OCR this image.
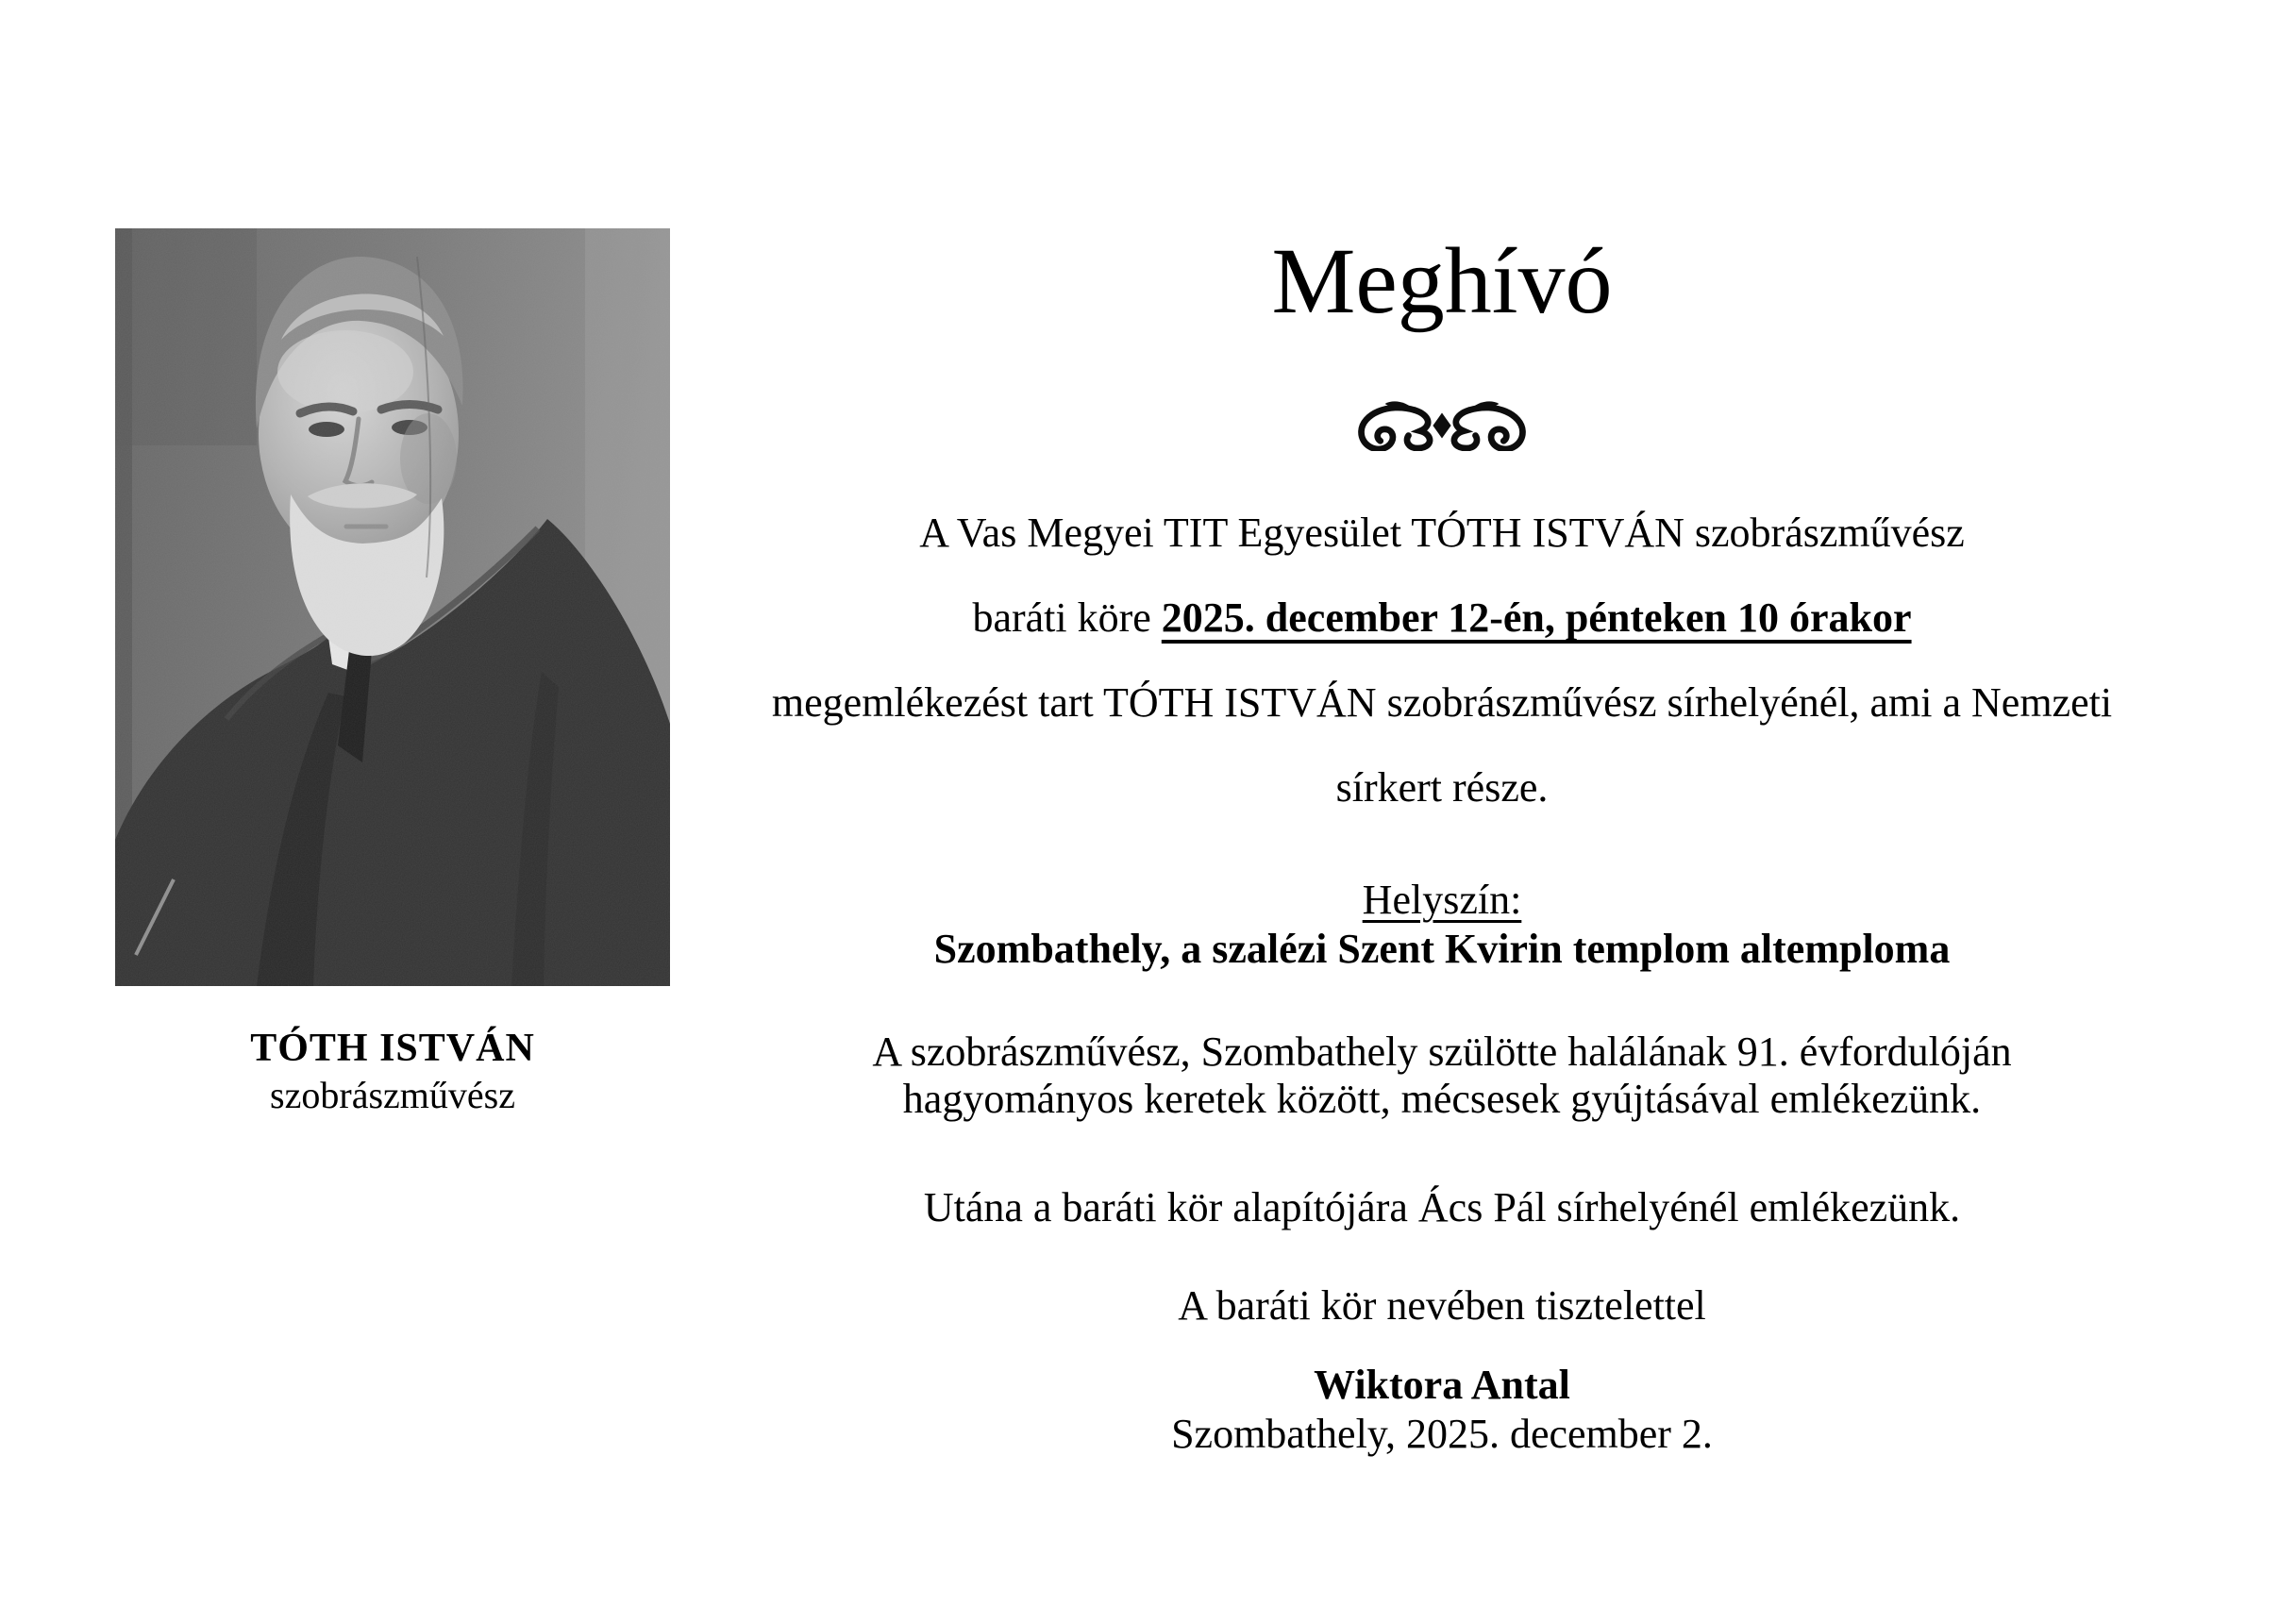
TÓTH ISTVÁN
szobrászművész
Meghívó
A Vas Megyei TIT Egyesület TÓTH ISTVÁN szobrászművész
baráti köre 2025. december 12-én, pénteken 10 órakor
megemlékezést tart TÓTH ISTVÁN szobrászművész sírhelyénél, ami a Nemzeti
sírkert része.
Helyszín:
Szombathely, a szalézi Szent Kvirin templom altemploma
A szobrászművész, Szombathely szülötte halálának 91. évfordulóján
hagyományos keretek között, mécsesek gyújtásával emlékezünk.
Utána a baráti kör alapítójára Ács Pál sírhelyénél emlékezünk.
A baráti kör nevében tisztelettel
Wiktora Antal
Szombathely, 2025. december 2.
